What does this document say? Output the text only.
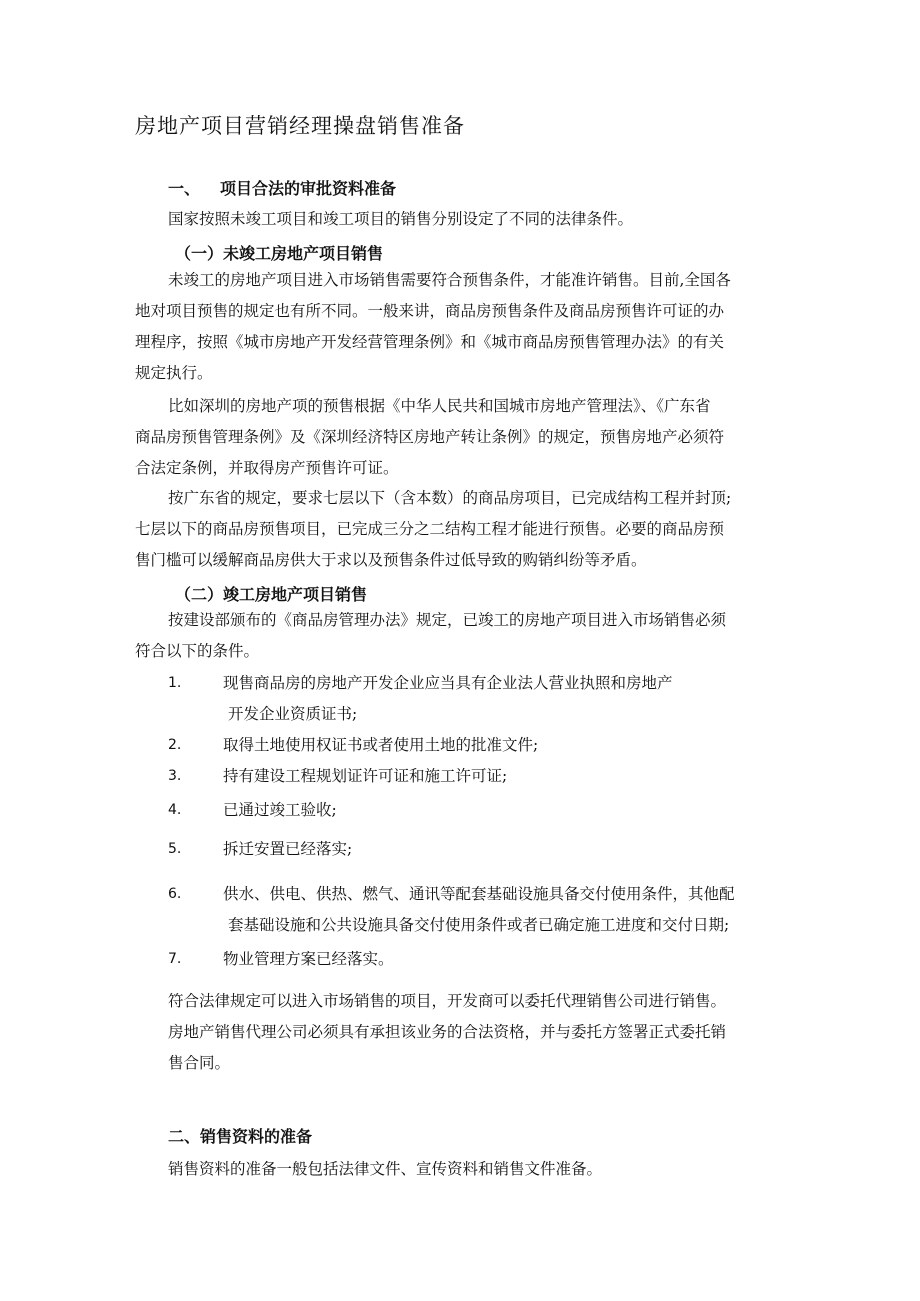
房地产项目营销经理操盘销售准备
一、 项目合法的审批资料准备
国家按照未竣工项目和竣工项目的销售分别设定了不同的法律条件。
（一）未竣工房地产项目销售
未竣工的房地产项目进入市场销售需要符合预售条件，才能准许销售。目前,全国各
地对项目预售的规定也有所不同。一般来讲，商品房预售条件及商品房预售许可证的办
理程序，按照《城市房地产开发经营管理条例》和《城市商品房预售管理办法》的有关
规定执行。
比如深圳的房地产项的预售根据《中华人民共和国城市房地产管理法》、《广东省
商品房预售管理条例》及《深圳经济特区房地产转让条例》的规定，预售房地产必须符
合法定条例，并取得房产预售许可证。
按广东省的规定，要求七层以下（含本数）的商品房项目，已完成结构工程并封顶;
七层以下的商品房预售项目，已完成三分之二结构工程才能进行预售。必要的商品房预
售门槛可以缓解商品房供大于求以及预售条件过低导致的购销纠纷等矛盾。
（二）竣工房地产项目销售
按建设部颁布的《商品房管理办法》规定，已竣工的房地产项目进入市场销售必须
符合以下的条件。
1.	现售商品房的房地产开发企业应当具有企业法人营业执照和房地产
开发企业资质证书;
2.	取得土地使用权证书或者使用土地的批准文件;
3.	持有建设工程规划证许可证和施工许可证;
4.	已通过竣工验收;
5.	拆迁安置已经落实;
6.	供水、供电、供热、燃气、通讯等配套基础设施具备交付使用条件，其他配
套基础设施和公共设施具备交付使用条件或者已确定施工进度和交付日期;
7.	物业管理方案已经落实。
符合法律规定可以进入市场销售的项目，开发商可以委托代理销售公司进行销售。
房地产销售代理公司必须具有承担该业务的合法资格，并与委托方签署正式委托销
售合同。
二、销售资料的准备
销售资料的准备一般包括法律文件、宣传资料和销售文件准备。
